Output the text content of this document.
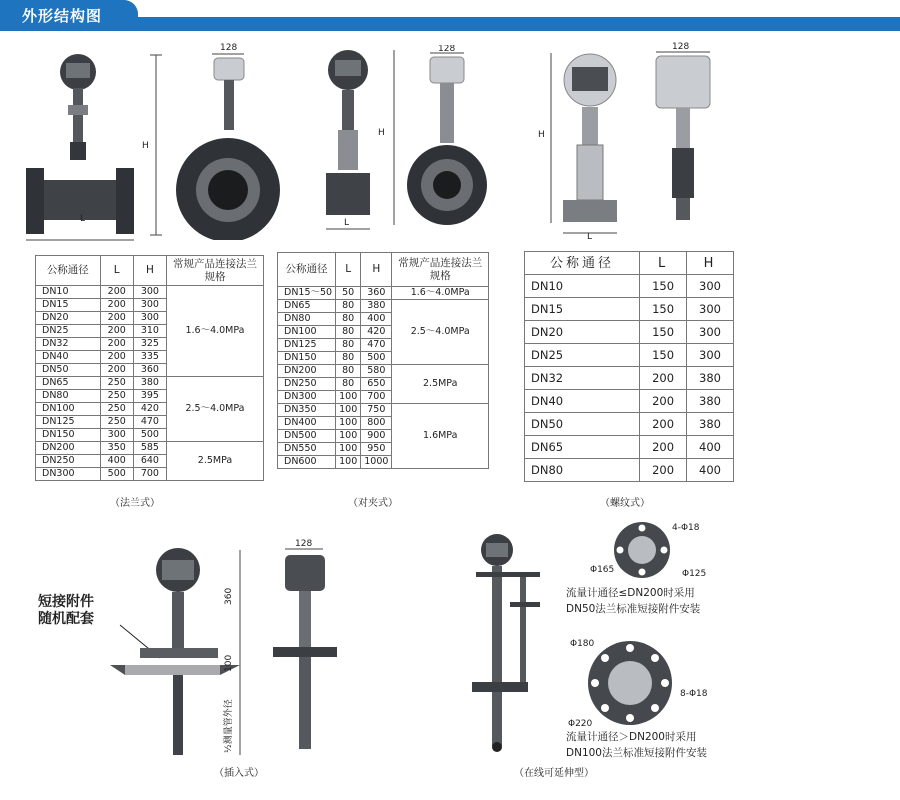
外形结构图
H
L
128
H
L
128
H
L
128
公称通径	L	H	常规产品连接法兰规格
DN10	200	300	1.6～4.0MPa
DN15	200	300	
DN20	200	300	
DN25	200	310	
DN32	200	325	
DN40	200	335	
DN50	200	360	
DN65	250	380	2.5～4.0MPa
DN80	250	395	
DN100	250	420	
DN125	250	470	
DN150	300	500	
DN200	350	585	2.5MPa
DN250	400	640	
DN300	500	700	
（法兰式）
公称通径	L	H	常规产品连接法兰规格
DN15～50	50	360	1.6～4.0MPa
DN65	80	380	2.5～4.0MPa
DN80	80	400	
DN100	80	420	
DN125	80	470	
DN150	80	500	
DN200	80	580	2.5MPa
DN250	80	650	
DN300	100	700	
DN350	100	750	1.6MPa
DN400	100	800	
DN500	100	900	
DN550	100	950	
DN600	100	1000	
（对夹式）
公称通径	L	H
DN10	150	300
DN15	150	300
DN20	150	300
DN25	150	300
DN32	200	380
DN40	200	380
DN50	200	380
DN65	200	400
DN80	200	400
（螺纹式）
短接附件
随机配套
360
100
½测量管外径
128
（插入式）
4-Φ18
Φ165	Φ125
流量计通径≤DN200时采用
DN50法兰标准短接附件安装
Φ180
8-Φ18
Φ220
流量计通径＞DN200时采用
DN100法兰标准短接附件安装
（在线可延伸型）
